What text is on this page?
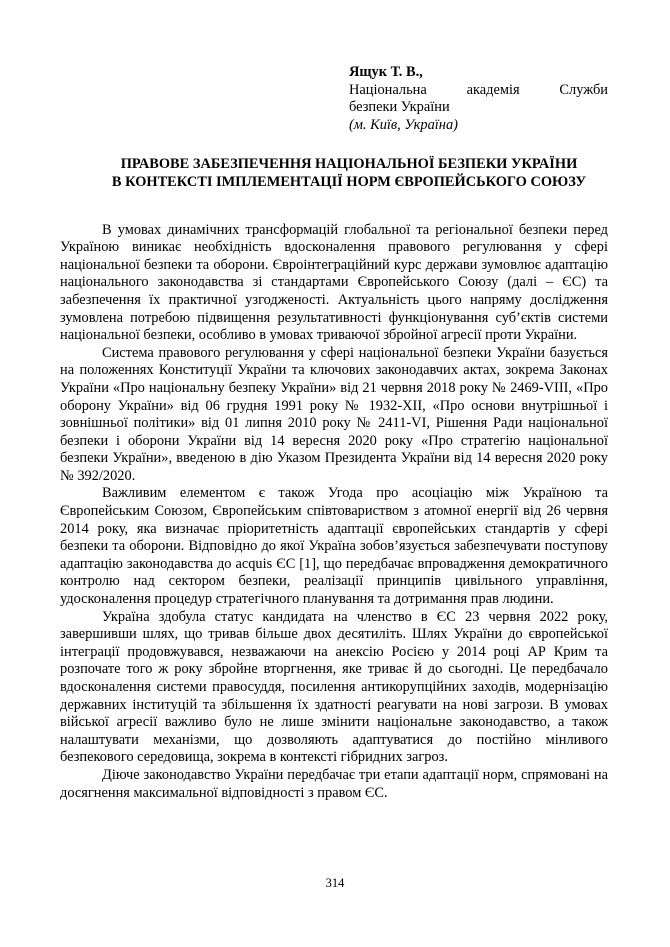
Ящук Т. В.,
Національна академія Служби
безпеки України
(м. Київ, Україна)
ПРАВОВЕ ЗАБЕЗПЕЧЕННЯ НАЦІОНАЛЬНОЇ БЕЗПЕКИ УКРАЇНИ
В КОНТЕКСТІ ІМПЛЕМЕНТАЦІЇ НОРМ ЄВРОПЕЙСЬКОГО СОЮЗУ

В умовах динамічних трансформацій глобальної та регіональної безпеки перед Україною виникає необхідність вдосконалення правового регулювання у сфері національної безпеки та оборони. Євроінтеграційний курс держави зумовлює адаптацію національного законодавства зі стандартами Європейського Союзу (далі – ЄС) та забезпечення їх практичної узгодженості. Актуальність цього напряму дослідження зумовлена потребою підвищення результативності функціонування суб’єктів системи національної безпеки, особливо в умовах триваючої збройної агресії проти України.

Система правового регулювання у сфері національної безпеки України базується на положеннях Конституції України та ключових законодавчих актах, зокрема Законах України «Про національну безпеку України» від 21 червня 2018 року № 2469-VIII, «Про оборону України» від 06 грудня 1991 року № 1932-XII, «Про основи внутрішньої і зовнішньої політики» від 01 липня 2010 року № 2411-VI, Рішення Ради національної безпеки і оборони України від 14 вересня 2020 року «Про стратегію національної безпеки України», введеною в дію Указом Президента України від 14 вересня 2020 року № 392/2020.

Важливим елементом є також Угода про асоціацію між Україною та Європейським Союзом, Європейським співтовариством з атомної енергії від 26 червня 2014 року, яка визначає пріоритетність адаптації європейських стандартів у сфері безпеки та оборони. Відповідно до якої Україна зобов’язується забезпечувати поступову адаптацію законодавства до acquis ЄС [1], що передбачає впровадження демократичного контролю над сектором безпеки, реалізації принципів цивільного управління, удосконалення процедур стратегічного планування та дотримання прав людини.

Україна здобула статус кандидата на членство в ЄС 23 червня 2022 року, завершивши шлях, що тривав більше двох десятиліть. Шлях України до європейської інтеграції продовжувався, незважаючи на анексію Росією у 2014 році АР Крим та розпочате того ж року збройне вторгнення, яке триває й до сьогодні. Це передбачало вдосконалення системи правосуддя, посилення антикорупційних заходів, модернізацію державних інституцій та збільшення їх здатності реагувати на нові загрози. В умовах війської агресії важливо було не лише змінити національне законодавство, а також налаштувати механізми, що дозволяють адаптуватися до постійно мінливого безпекового середовища, зокрема в контексті гібридних загроз.

Діюче законодавство України передбачає три етапи адаптації норм, спрямовані на досягнення максимальної відповідності з правом ЄС.

314
